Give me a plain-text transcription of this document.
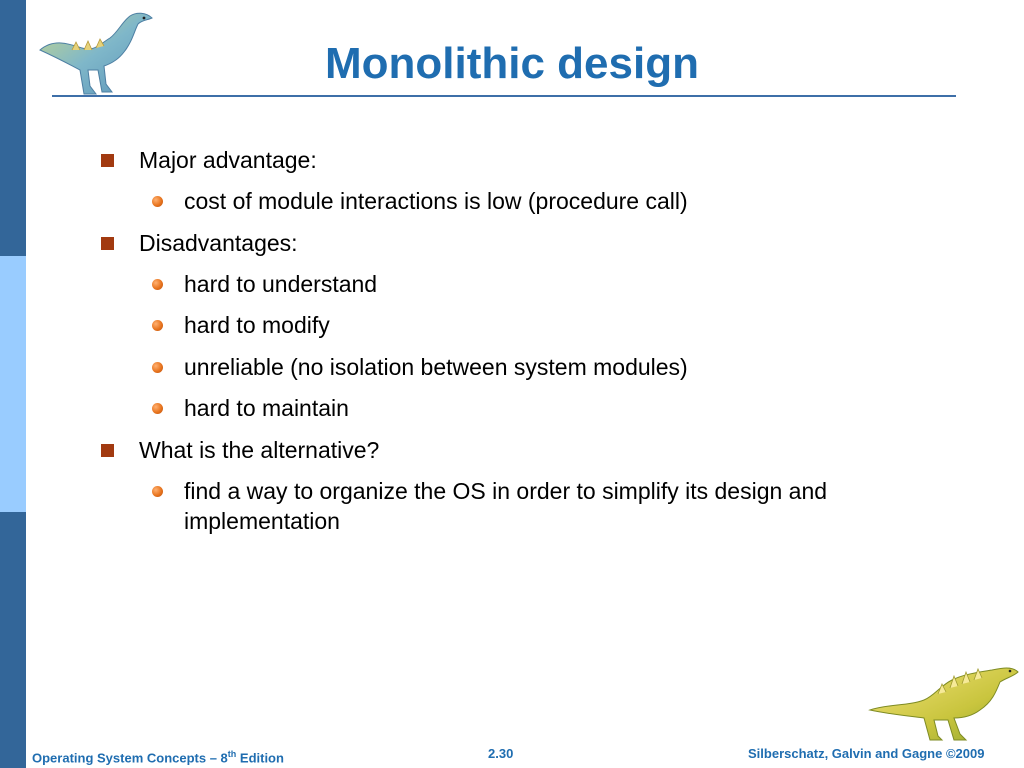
Monolithic design
Major advantage:
cost of module interactions is low (procedure call)
Disadvantages:
hard to understand
hard to modify
unreliable (no isolation between system modules)
hard to maintain
What is the alternative?
find a way to organize the OS in order to simplify its design and implementation
Operating System Concepts – 8th Edition	2.30	Silberschatz, Galvin and Gagne ©2009
